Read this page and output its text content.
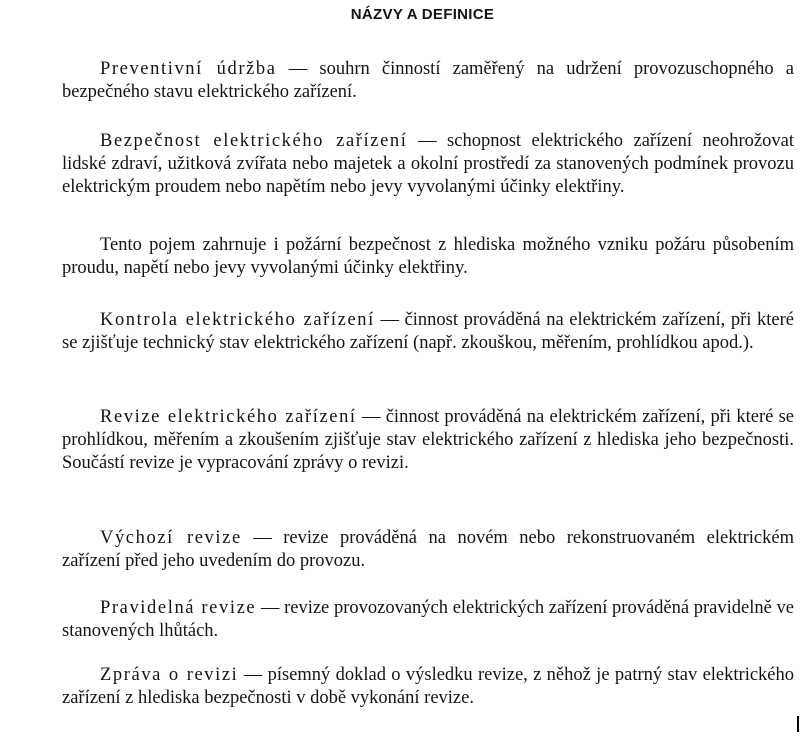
NÁZVY A DEFINICE

Preventivní údržba — souhrn činností zaměřený na udržení provozuschopného a bezpečného stavu elektrického zařízení.

Bezpečnost elektrického zařízení — schopnost elektrického zařízení neohrožovat lidské zdraví, užitková zvířata nebo majetek a okolní prostředí za stanovených podmínek provozu elektrickým proudem nebo napětím nebo jevy vyvolanými účinky elektřiny.

Tento pojem zahrnuje i požární bezpečnost z hlediska možného vzniku požáru působením proudu, napětí nebo jevy vyvolanými účinky elektřiny.

Kontrola elektrického zařízení — činnost prováděná na elektrickém zařízení, při které se zjišťuje technický stav elektrického zařízení (např. zkouškou, měřením, prohlídkou apod.).

Revize elektrického zařízení — činnost prováděná na elektrickém zařízení, při které se prohlídkou, měřením a zkoušením zjišťuje stav elektrického zařízení z hlediska jeho bezpečnosti. Součástí revize je vypracování zprávy o revizi.

Výchozí revize — revize prováděná na novém nebo rekonstruovaném elektrickém zařízení před jeho uvedením do provozu.

Pravidelná revize — revize provozovaných elektrických zařízení prováděná pravidelně ve stanovených lhůtách.

Zpráva o revizi — písemný doklad o výsledku revize, z něhož je patrný stav elektrického zařízení z hlediska bezpečnosti v době vykonání revize.
